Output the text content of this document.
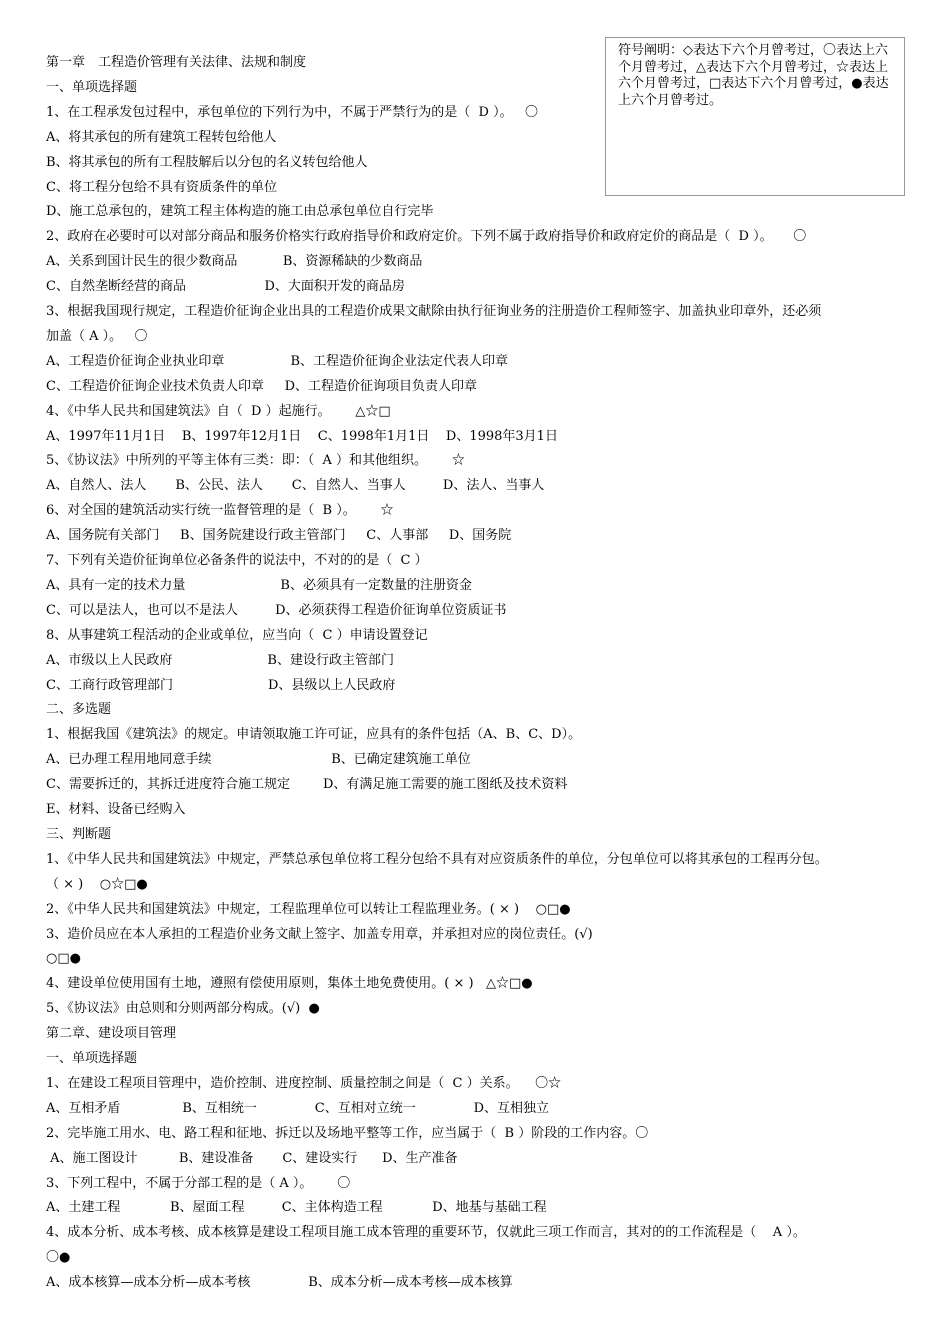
符号阐明：◇表达下六个月曾考过，〇表达上六个月曾考过，△表达下六个月曾考过，☆表达上六个月曾考过，□表达下六个月曾考过，●表达上六个月曾考过。
第一章　工程造价管理有关法律、法规和制度
一、单项选择题
1、在工程承发包过程中，承包单位的下列行为中，不属于严禁行为的是（  D ）。   〇
A、将其承包的所有建筑工程转包给他人
B、将其承包的所有工程肢解后以分包的名义转包给他人
C、将工程分包给不具有资质条件的单位
D、施工总承包的，建筑工程主体构造的施工由总承包单位自行完毕
2、政府在必要时可以对部分商品和服务价格实行政府指导价和政府定价。下列不属于政府指导价和政府定价的商品是（  D ）。     〇
A、关系到国计民生的很少数商品           B、资源稀缺的少数商品
C、自然垄断经营的商品                   D、大面积开发的商品房
3、根据我国现行规定，工程造价征询企业出具的工程造价成果文献除由执行征询业务的注册造价工程师签字、加盖执业印章外，还必须
加盖（ A ）。   〇
A、工程造价征询企业执业印章                B、工程造价征询企业法定代表人印章
C、工程造价征询企业技术负责人印章     D、工程造价征询项目负责人印章
4、《中华人民共和国建筑法》自（  D ）起施行。      △☆□
A、1997年11月1日    B、1997年12月1日    C、1998年1月1日    D、1998年3月1日
5、《协议法》中所列的平等主体有三类：即：（  A ）和其他组织。      ☆
A、自然人、法人       B、公民、法人       C、自然人、当事人         D、法人、当事人
6、对全国的建筑活动实行统一监督管理的是（  B ）。      ☆
A、国务院有关部门     B、国务院建设行政主管部门     C、人事部     D、国务院
7、下列有关造价征询单位必备条件的说法中，不对的的是（  C ）
A、具有一定的技术力量                       B、必须具有一定数量的注册资金
C、可以是法人，也可以不是法人         D、必须获得工程造价征询单位资质证书
8、从事建筑工程活动的企业或单位，应当向（  C ）申请设置登记
A、市级以上人民政府                       B、建设行政主管部门
C、工商行政管理部门                       D、县级以上人民政府
二、多选题
1、根据我国《建筑法》的规定。申请领取施工许可证，应具有的条件包括（A、B、C、D）。
A、已办理工程用地同意手续                             B、已确定建筑施工单位
C、需要拆迁的，其拆迁进度符合施工规定        D、有满足施工需要的施工图纸及技术资料
E、材料、设备已经购入
三、判断题
1、《中华人民共和国建筑法》中规定，严禁总承包单位将工程分包给不具有对应资质条件的单位，分包单位可以将其承包的工程再分包。
（ × )    ○☆□●
2、《中华人民共和国建筑法》中规定，工程监理单位可以转让工程监理业务。( × )    ○□●
3、造价员应在本人承担的工程造价业务文献上签字、加盖专用章，并承担对应的岗位责任。(√)
○□●
4、建设单位使用国有土地，遵照有偿使用原则，集体土地免费使用。( × )   △☆□●
5、《协议法》由总则和分则两部分构成。(√)  ●
第二章、建设项目管理
一、单项选择题
1、在建设工程项目管理中，造价控制、进度控制、质量控制之间是（  C ）关系。    〇☆
A、互相矛盾               B、互相统一              C、互相对立统一              D、互相独立
2、完毕施工用水、电、路工程和征地、拆迁以及场地平整等工作，应当属于（  B ）阶段的工作内容。〇
A、施工图设计          B、建设准备       C、建设实行      D、生产准备
3、下列工程中，不属于分部工程的是（ A ）。      〇
A、土建工程            B、屋面工程         C、主体构造工程            D、地基与基础工程
4、成本分析、成本考核、成本核算是建设工程项目施工成本管理的重要环节，仅就此三项工作而言，其对的的工作流程是（    A ）。
〇●
A、成本核算—成本分析—成本考核              B、成本分析—成本考核—成本核算
